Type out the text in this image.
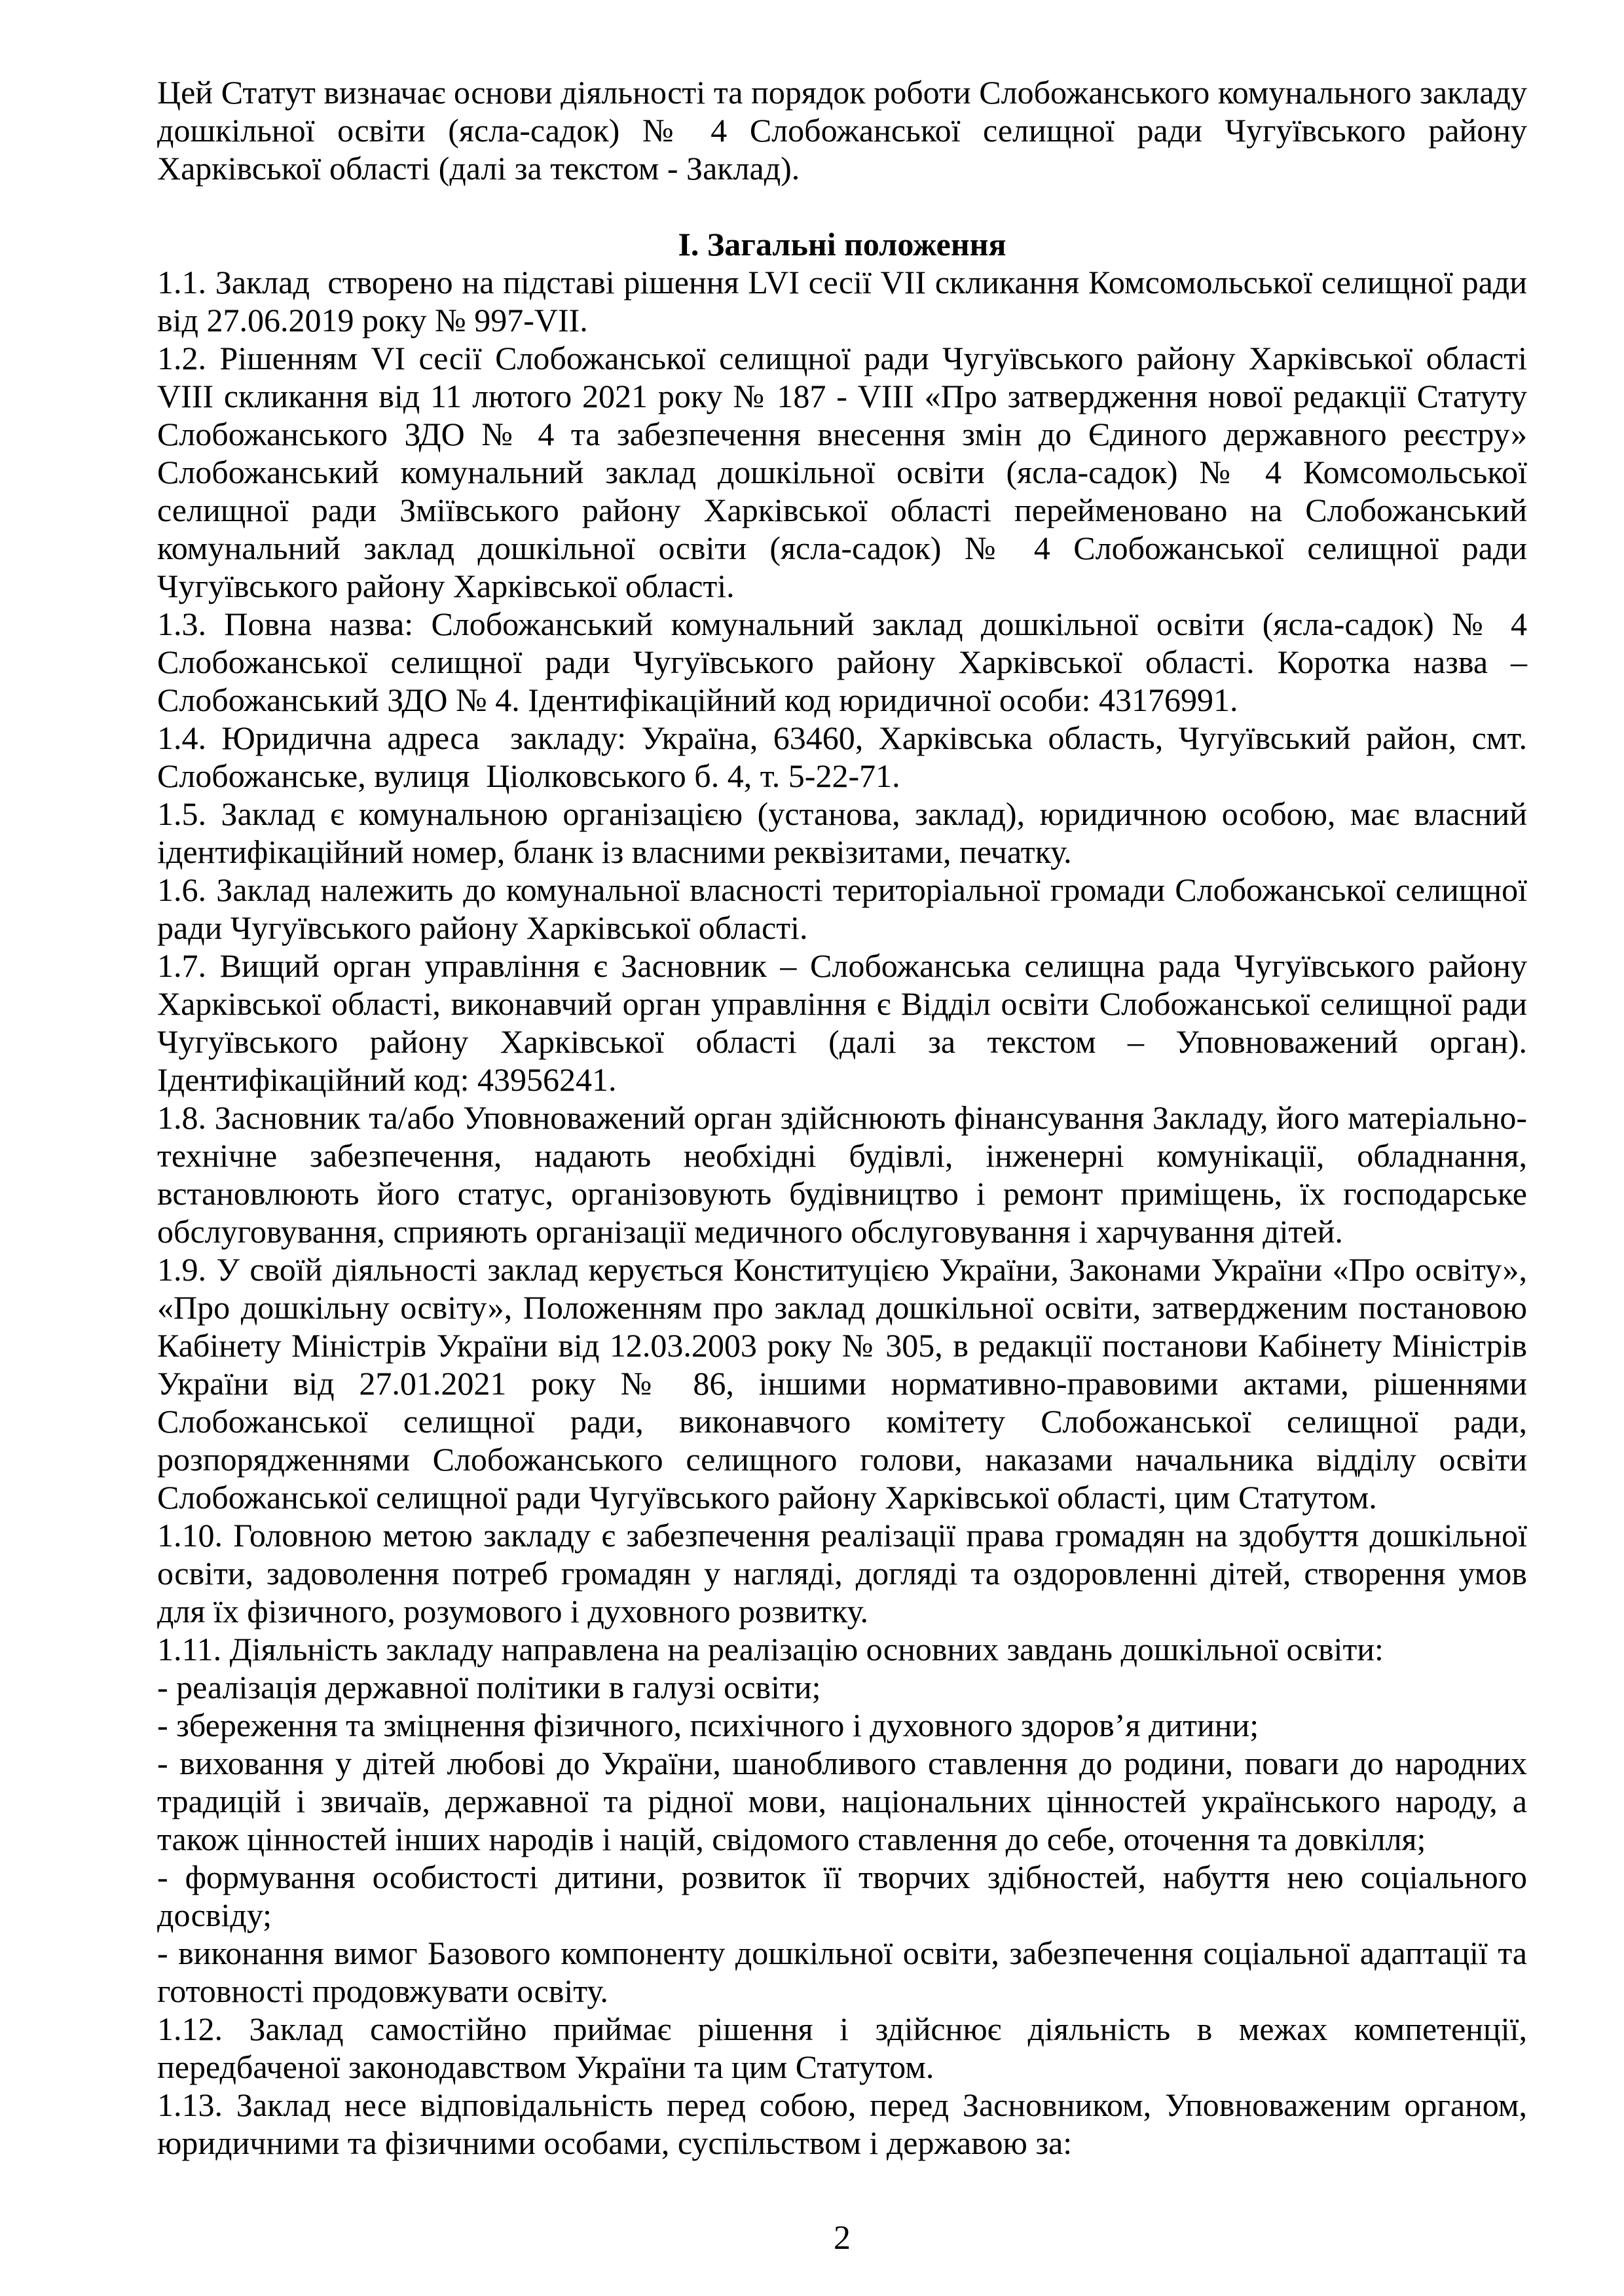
Цей Статут визначає основи діяльності та порядок роботи Слобожанського комунального закладу дошкільної освіти (ясла-садок) № 4 Слобожанської селищної ради Чугуївського району Харківської області (далі за текстом - Заклад).

І. Загальні положення

1.1. Заклад  створено на підставі рішення LVI сесії VII скликання Комсомольської селищної ради від 27.06.2019 року № 997-VII.

1.2. Рішенням VI сесії Слобожанської селищної ради Чугуївського району Харківської області VIII скликання від 11 лютого 2021 року № 187 - VIII «Про затвердження нової редакції Статуту Слобожанського ЗДО № 4 та забезпечення внесення змін до Єдиного державного реєстру» Слобожанський комунальний заклад дошкільної освіти (ясла-садок) № 4 Комсомольської селищної ради Зміївського району Харківської області перейменовано на Слобожанський комунальний заклад дошкільної освіти (ясла-садок) № 4 Слобожанської селищної ради Чугуївського району Харківської області.

1.3. Повна назва: Слобожанський комунальний заклад дошкільної освіти (ясла-садок) № 4 Слобожанської селищної ради Чугуївського району Харківської області. Коротка назва – Слобожанський ЗДО № 4. Ідентифікаційний код юридичної особи: 43176991.

1.4. Юридична адреса  закладу: Україна, 63460, Харківська область, Чугуївський район, смт. Слобожанське, вулиця  Ціолковського б. 4, т. 5-22-71.

1.5. Заклад є комунальною організацією (установа, заклад), юридичною особою, має власний ідентифікаційний номер, бланк із власними реквізитами, печатку.

1.6. Заклад належить до комунальної власності територіальної громади Слобожанської селищної ради Чугуївського району Харківської області.

1.7. Вищий орган управління є Засновник – Слобожанська селищна рада Чугуївського району Харківської області, виконавчий орган управління є Відділ освіти Слобожанської селищної ради Чугуївського району Харківської області (далі за текстом – Уповноважений орган). Ідентифікаційний код: 43956241.

1.8. Засновник та/або Уповноважений орган здійснюють фінансування Закладу, його матеріально-технічне забезпечення, надають необхідні будівлі, інженерні комунікації, обладнання, встановлюють його статус, організовують будівництво і ремонт приміщень, їх господарське обслуговування, сприяють організації медичного обслуговування і харчування дітей.

1.9. У своїй діяльності заклад керується Конституцією України, Законами України «Про освіту», «Про дошкільну освіту», Положенням про заклад дошкільної освіти, затвердженим постановою Кабінету Міністрів України від 12.03.2003 року № 305, в редакції постанови Кабінету Міністрів України від 27.01.2021 року № 86, іншими нормативно-правовими актами, рішеннями Слобожанської селищної ради, виконавчого комітету Слобожанської селищної ради, розпорядженнями Слобожанського селищного голови, наказами начальника відділу освіти Слобожанської селищної ради Чугуївського району Харківської області, цим Статутом.

1.10. Головною метою закладу є забезпечення реалізації права громадян на здобуття дошкільної освіти, задоволення потреб громадян у нагляді, догляді та оздоровленні дітей, створення умов для їх фізичного, розумового і духовного розвитку.

1.11. Діяльність закладу направлена на реалізацію основних завдань дошкільної освіти:

- реалізація державної політики в галузі освіти;

- збереження та зміцнення фізичного, психічного і духовного здоров’я дитини;

- виховання у дітей любові до України, шанобливого ставлення до родини, поваги до народних традицій і звичаїв, державної та рідної мови, національних цінностей українського народу, а також цінностей інших народів і націй, свідомого ставлення до себе, оточення та довкілля;

- формування особистості дитини, розвиток її творчих здібностей, набуття нею соціального досвіду;

- виконання вимог Базового компоненту дошкільної освіти, забезпечення соціальної адаптації та готовності продовжувати освіту.

1.12. Заклад самостійно приймає рішення і здійснює діяльність в межах компетенції, передбаченої законодавством України та цим Статутом.

1.13. Заклад несе відповідальність перед собою, перед Засновником, Уповноваженим органом, юридичними та фізичними особами, суспільством і державою за:

2
